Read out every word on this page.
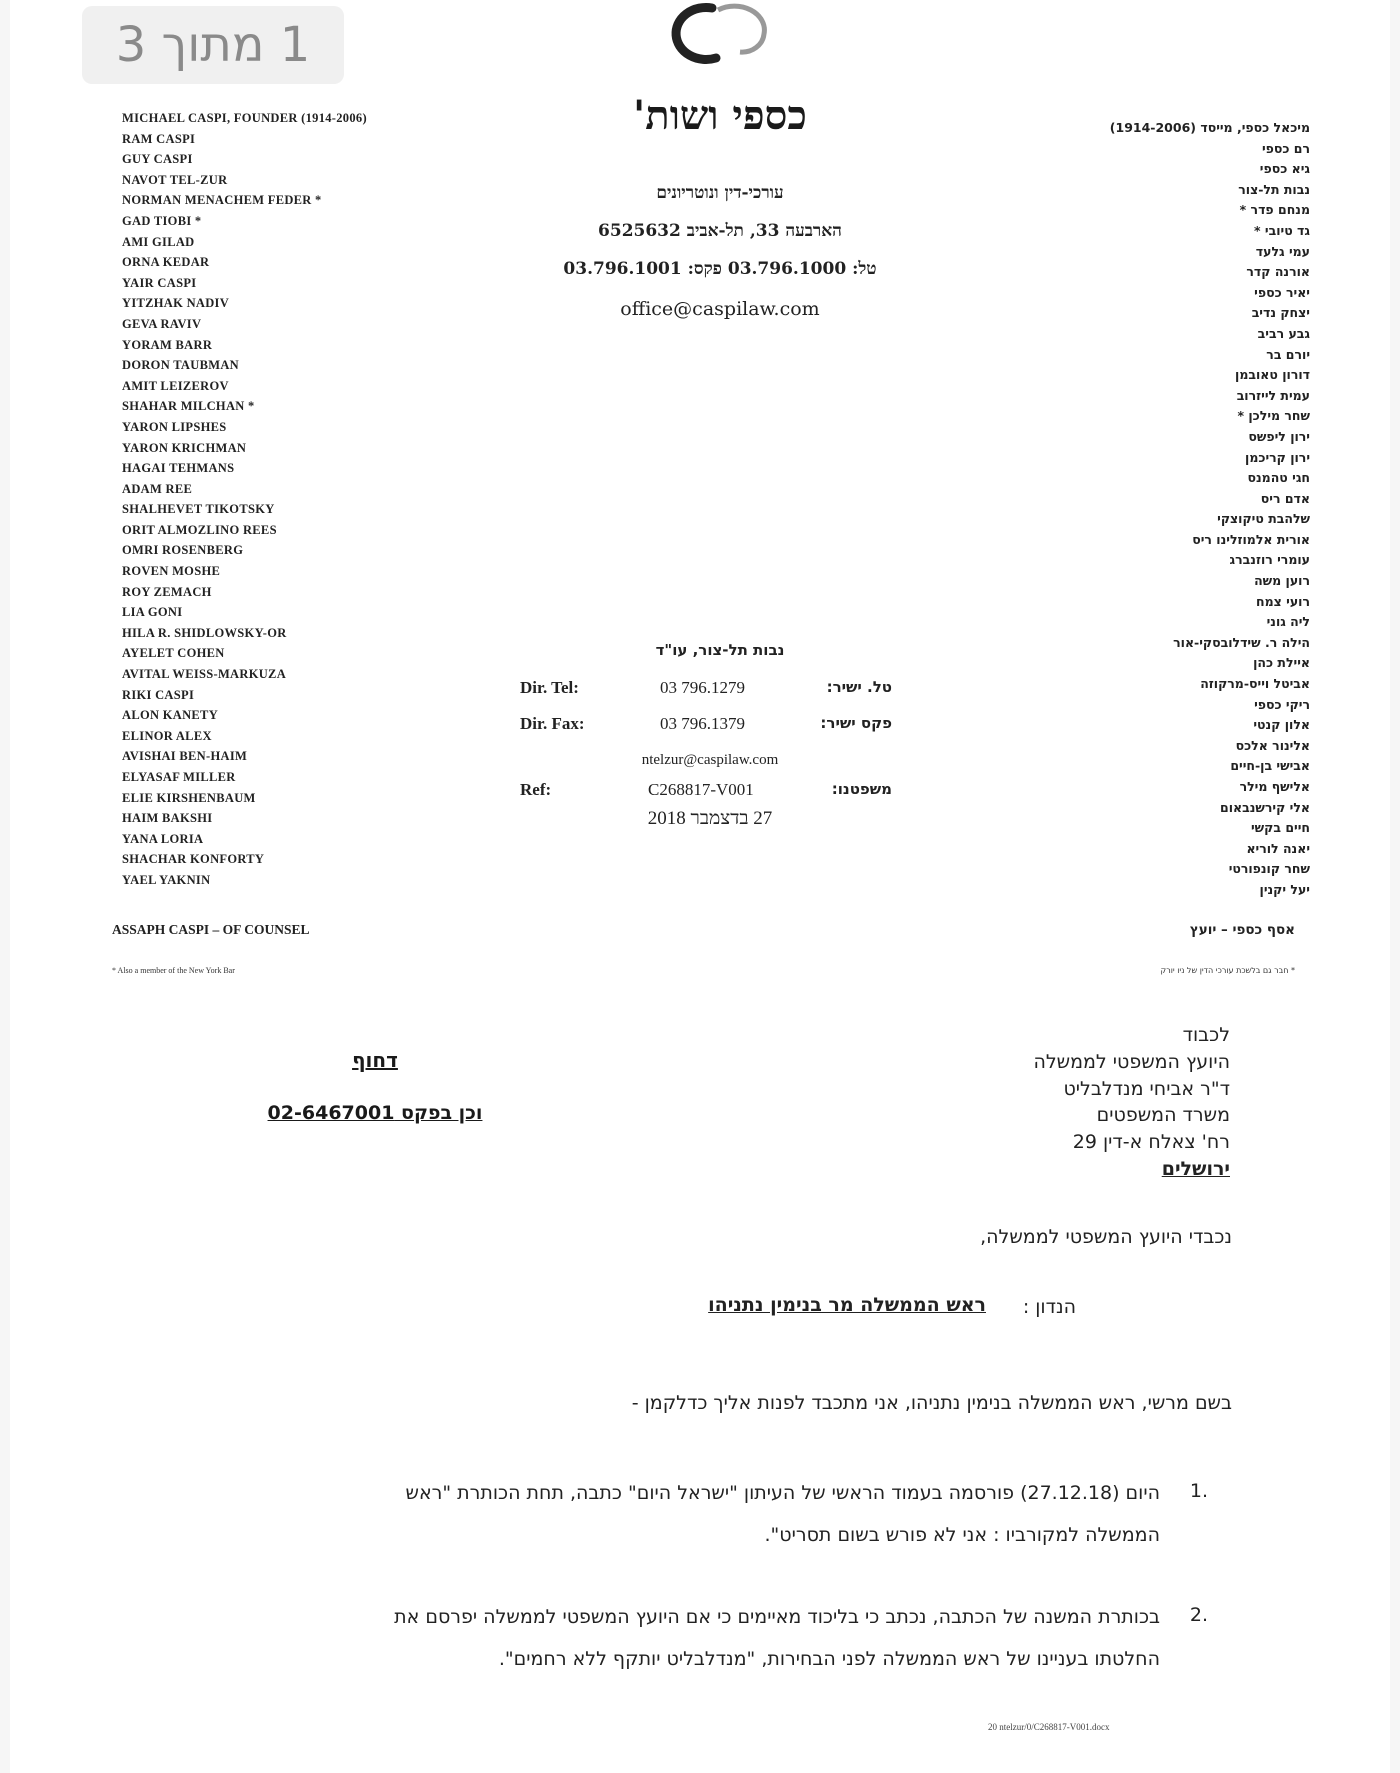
1 מתוך 3
כספי ושות'
עורכי-דין ונוטריונים
הארבעה 33, תל-אביב 6525632
טל: 03.796.1000 פקס: 03.796.1001
office@caspilaw.com
MICHAEL CASPI, FOUNDER (1914-2006)
RAM CASPI
GUY CASPI
NAVOT TEL-ZUR
NORMAN MENACHEM FEDER *
GAD TIOBI *
AMI GILAD
ORNA KEDAR
YAIR CASPI
YITZHAK NADIV
GEVA RAVIV
YORAM BARR
DORON TAUBMAN
AMIT LEIZEROV
SHAHAR MILCHAN *
YARON LIPSHES
YARON KRICHMAN
HAGAI TEHMANS
ADAM REE
SHALHEVET TIKOTSKY
ORIT ALMOZLINO REES
OMRI ROSENBERG
ROVEN MOSHE
ROY ZEMACH
LIA GONI
HILA R. SHIDLOWSKY-OR
AYELET COHEN
AVITAL WEISS-MARKUZA
RIKI CASPI
ALON KANETY
ELINOR ALEX
AVISHAI BEN-HAIM
ELYASAF MILLER
ELIE KIRSHENBAUM
HAIM BAKSHI
YANA LORIA
SHACHAR KONFORTY
YAEL YAKNIN
מיכאל כספי, מייסד (1914-2006)
רם כספי
גיא כספי
נבות תל-צור
מנחם פדר *
גד טיובי *
עמי גלעד
אורנה קדר
יאיר כספי
יצחק נדיב
גבע רביב
יורם בר
דורון טאובמן
עמית לייזרוב
שחר מילכן *
ירון ליפשס
ירון קריכמן
חגי טהמנס
אדם ריס
שלהבת טיקוצקי
אורית אלמוזלינו ריס
עומרי רוזנברג
רוען משה
רועי צמח
ליה גוני
הילה ר. שידלובסקי-אור
איילת כהן
אביטל וייס-מרקוזה
ריקי כספי
אלון קנטי
אלינור אלכס
אבישי בן-חיים
אלישף מילר
אלי קירשנבאום
חיים בקשי
יאנה לוריא
שחר קונפורטי
יעל יקנין
ASSAPH CASPI – OF COUNSEL	אסף כספי – יועץ
* Also a member of the New York Bar	* חבר גם בלשכת עורכי הדין של ניו יורק
נבות תל-צור, עו"ד
Dir. Tel:	03 796.1279	טל. ישיר:
Dir. Fax:	03 796.1379	פקס ישיר:
ntelzur@caspilaw.com
Ref:	C268817-V001	משפטנו:
27 בדצמבר 2018
דחוף
וכן בפקס 02-6467001
לכבוד
היועץ המשפטי לממשלה
ד"ר אביחי מנדלבליט
משרד המשפטים
רח' צאלח א-דין 29
ירושלים
נכבדי היועץ המשפטי לממשלה,
הנדון :
ראש הממשלה מר בנימין נתניהו
בשם מרשי, ראש הממשלה בנימין נתניהו, אני מתכבד לפנות אליך כדלקמן -
1.
היום (27.12.18) פורסמה בעמוד הראשי של העיתון "ישראל היום" כתבה, תחת הכותרת "ראש
הממשלה למקורביו : אני לא פורש בשום תסריט".
2.
בכותרת המשנה של הכתבה, נכתב כי בליכוד מאיימים כי אם היועץ המשפטי לממשלה יפרסם את
החלטתו בעניינו של ראש הממשלה לפני הבחירות, "מנדלבליט יותקף ללא רחמים".
20 ntelzur/0/C268817-V001.docx
